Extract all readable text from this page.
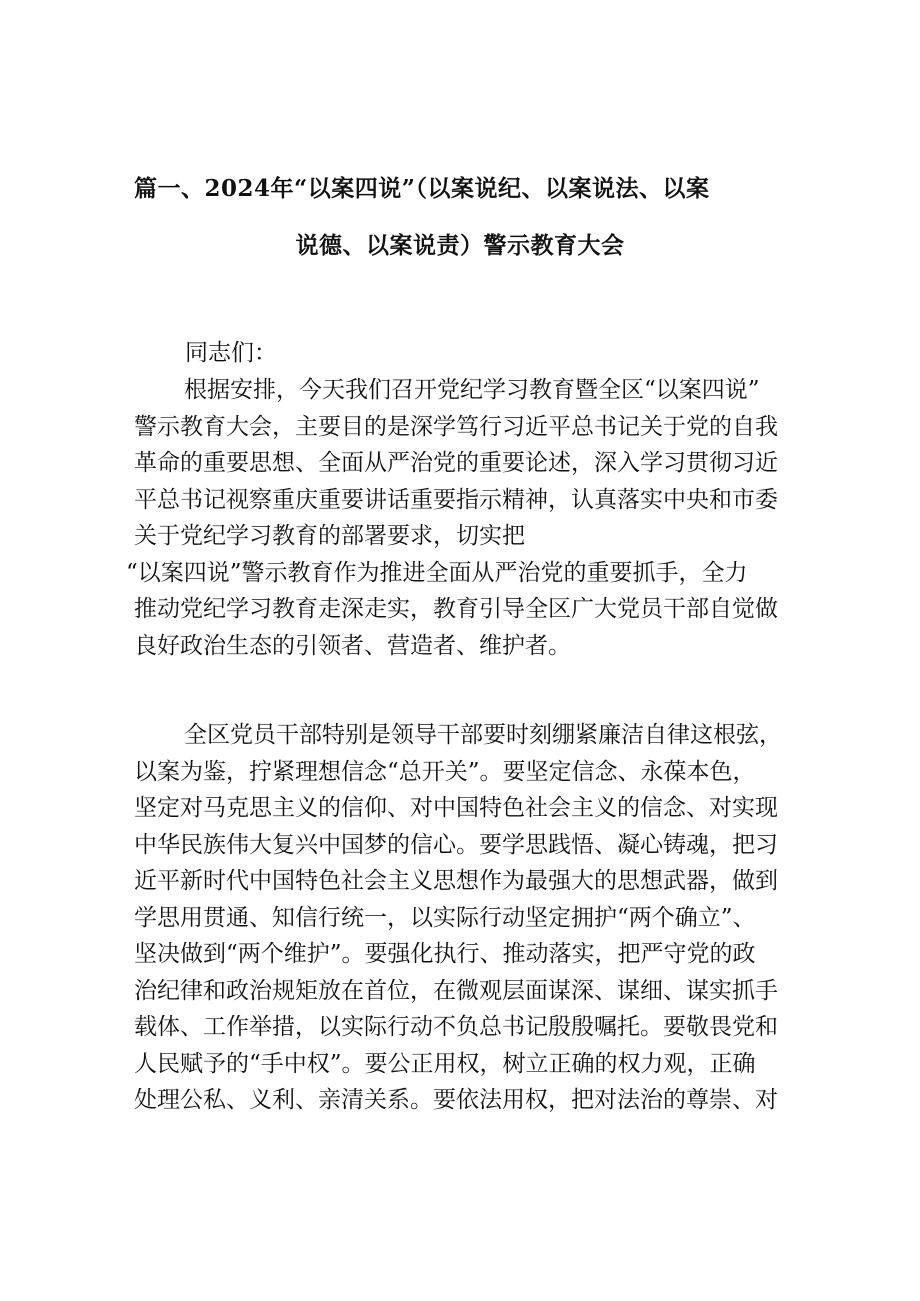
篇一、2024年“以案四说”（以案说纪、以案说法、以案
说德、以案说责）警示教育大会
同志们：
根据安排，今天我们召开党纪学习教育暨全区“以案四说”
警示教育大会，主要目的是深学笃行习近平总书记关于党的自我
革命的重要思想、全面从严治党的重要论述，深入学习贯彻习近
平总书记视察重庆重要讲话重要指示精神，认真落实中央和市委
关于党纪学习教育的部署要求，切实把
“以案四说”警示教育作为推进全面从严治党的重要抓手，全力
推动党纪学习教育走深走实，教育引导全区广大党员干部自觉做
良好政治生态的引领者、营造者、维护者。
全区党员干部特别是领导干部要时刻绷紧廉洁自律这根弦，
以案为鉴，拧紧理想信念“总开关”。要坚定信念、永葆本色，
坚定对马克思主义的信仰、对中国特色社会主义的信念、对实现
中华民族伟大复兴中国梦的信心。要学思践悟、凝心铸魂，把习
近平新时代中国特色社会主义思想作为最强大的思想武器，做到
学思用贯通、知信行统一，以实际行动坚定拥护“两个确立”、
坚决做到“两个维护”。要强化执行、推动落实，把严守党的政
治纪律和政治规矩放在首位，在微观层面谋深、谋细、谋实抓手
载体、工作举措，以实际行动不负总书记殷殷嘱托。要敬畏党和
人民赋予的“手中权”。要公正用权，树立正确的权力观，正确
处理公私、义利、亲清关系。要依法用权，把对法治的尊崇、对
